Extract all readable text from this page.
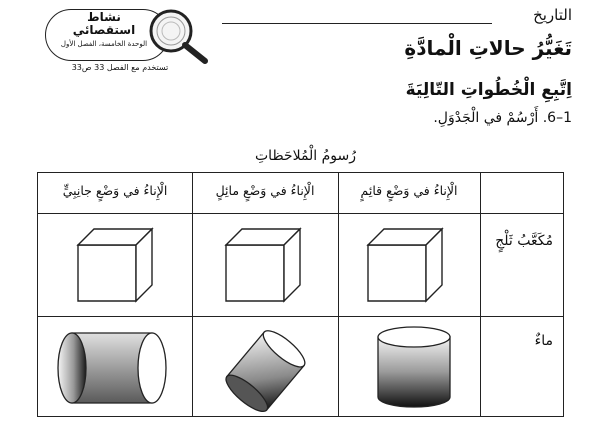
نشاط
استقصائي
الوحدة الخامسة، الفصل الأول
تستخدم مع الفصل 33 ص33
التاريخ
تَغَيُّرُ حالاتِ الْمادَّةِ
اِتَّبِعِ الْخُطُواتِ التّالِيَةَ
1–6. أَرْسُمْ في الْجَدْوَلِ.
رُسومُ الْمُلاحَظاتِ
الْإِناءُ في وَضْعٍ قائِمٍ
الْإِناءُ في وَضْعٍ مائِلٍ
الْإِناءُ في وَضْعٍ جانِبِيٍّ
مُكَعَّبُ ثَلْجٍ
ماءٌ
